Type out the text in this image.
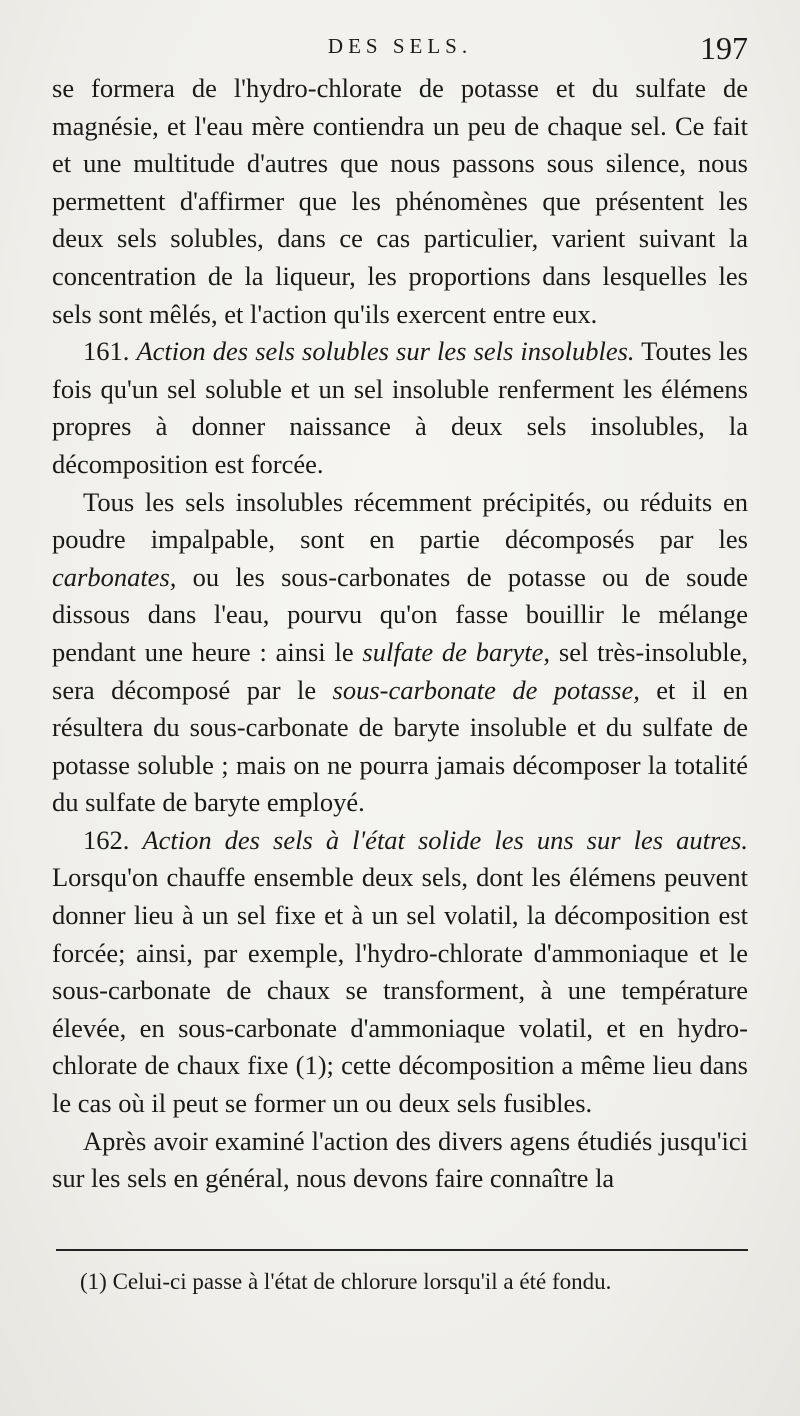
DES SELS.	197

se formera de l'hydro-chlorate de potasse et du sulfate de magnésie, et l'eau mère contiendra un peu de chaque sel. Ce fait et une multitude d'autres que nous passons sous silence, nous permettent d'affirmer que les phénomènes que présentent les deux sels solubles, dans ce cas particulier, varient suivant la concentration de la liqueur, les proportions dans lesquelles les sels sont mêlés, et l'action qu'ils exercent entre eux.

161. Action des sels solubles sur les sels insolubles. Toutes les fois qu'un sel soluble et un sel insoluble renferment les élémens propres à donner naissance à deux sels insolubles, la décomposition est forcée.

Tous les sels insolubles récemment précipités, ou réduits en poudre impalpable, sont en partie décomposés par les carbonates, ou les sous-carbonates de potasse ou de soude dissous dans l'eau, pourvu qu'on fasse bouillir le mélange pendant une heure : ainsi le sulfate de baryte, sel très-insoluble, sera décomposé par le sous-carbonate de potasse, et il en résultera du sous-carbonate de baryte insoluble et du sulfate de potasse soluble ; mais on ne pourra jamais décomposer la totalité du sulfate de baryte employé.

162. Action des sels à l'état solide les uns sur les autres. Lorsqu'on chauffe ensemble deux sels, dont les élémens peuvent donner lieu à un sel fixe et à un sel volatil, la décomposition est forcée; ainsi, par exemple, l'hydro-chlorate d'ammoniaque et le sous-carbonate de chaux se transforment, à une température élevée, en sous-carbonate d'ammoniaque volatil, et en hydro-chlorate de chaux fixe (1); cette décomposition a même lieu dans le cas où il peut se former un ou deux sels fusibles.

Après avoir examiné l'action des divers agens étudiés jusqu'ici sur les sels en général, nous devons faire connaître la

(1) Celui-ci passe à l'état de chlorure lorsqu'il a été fondu.
